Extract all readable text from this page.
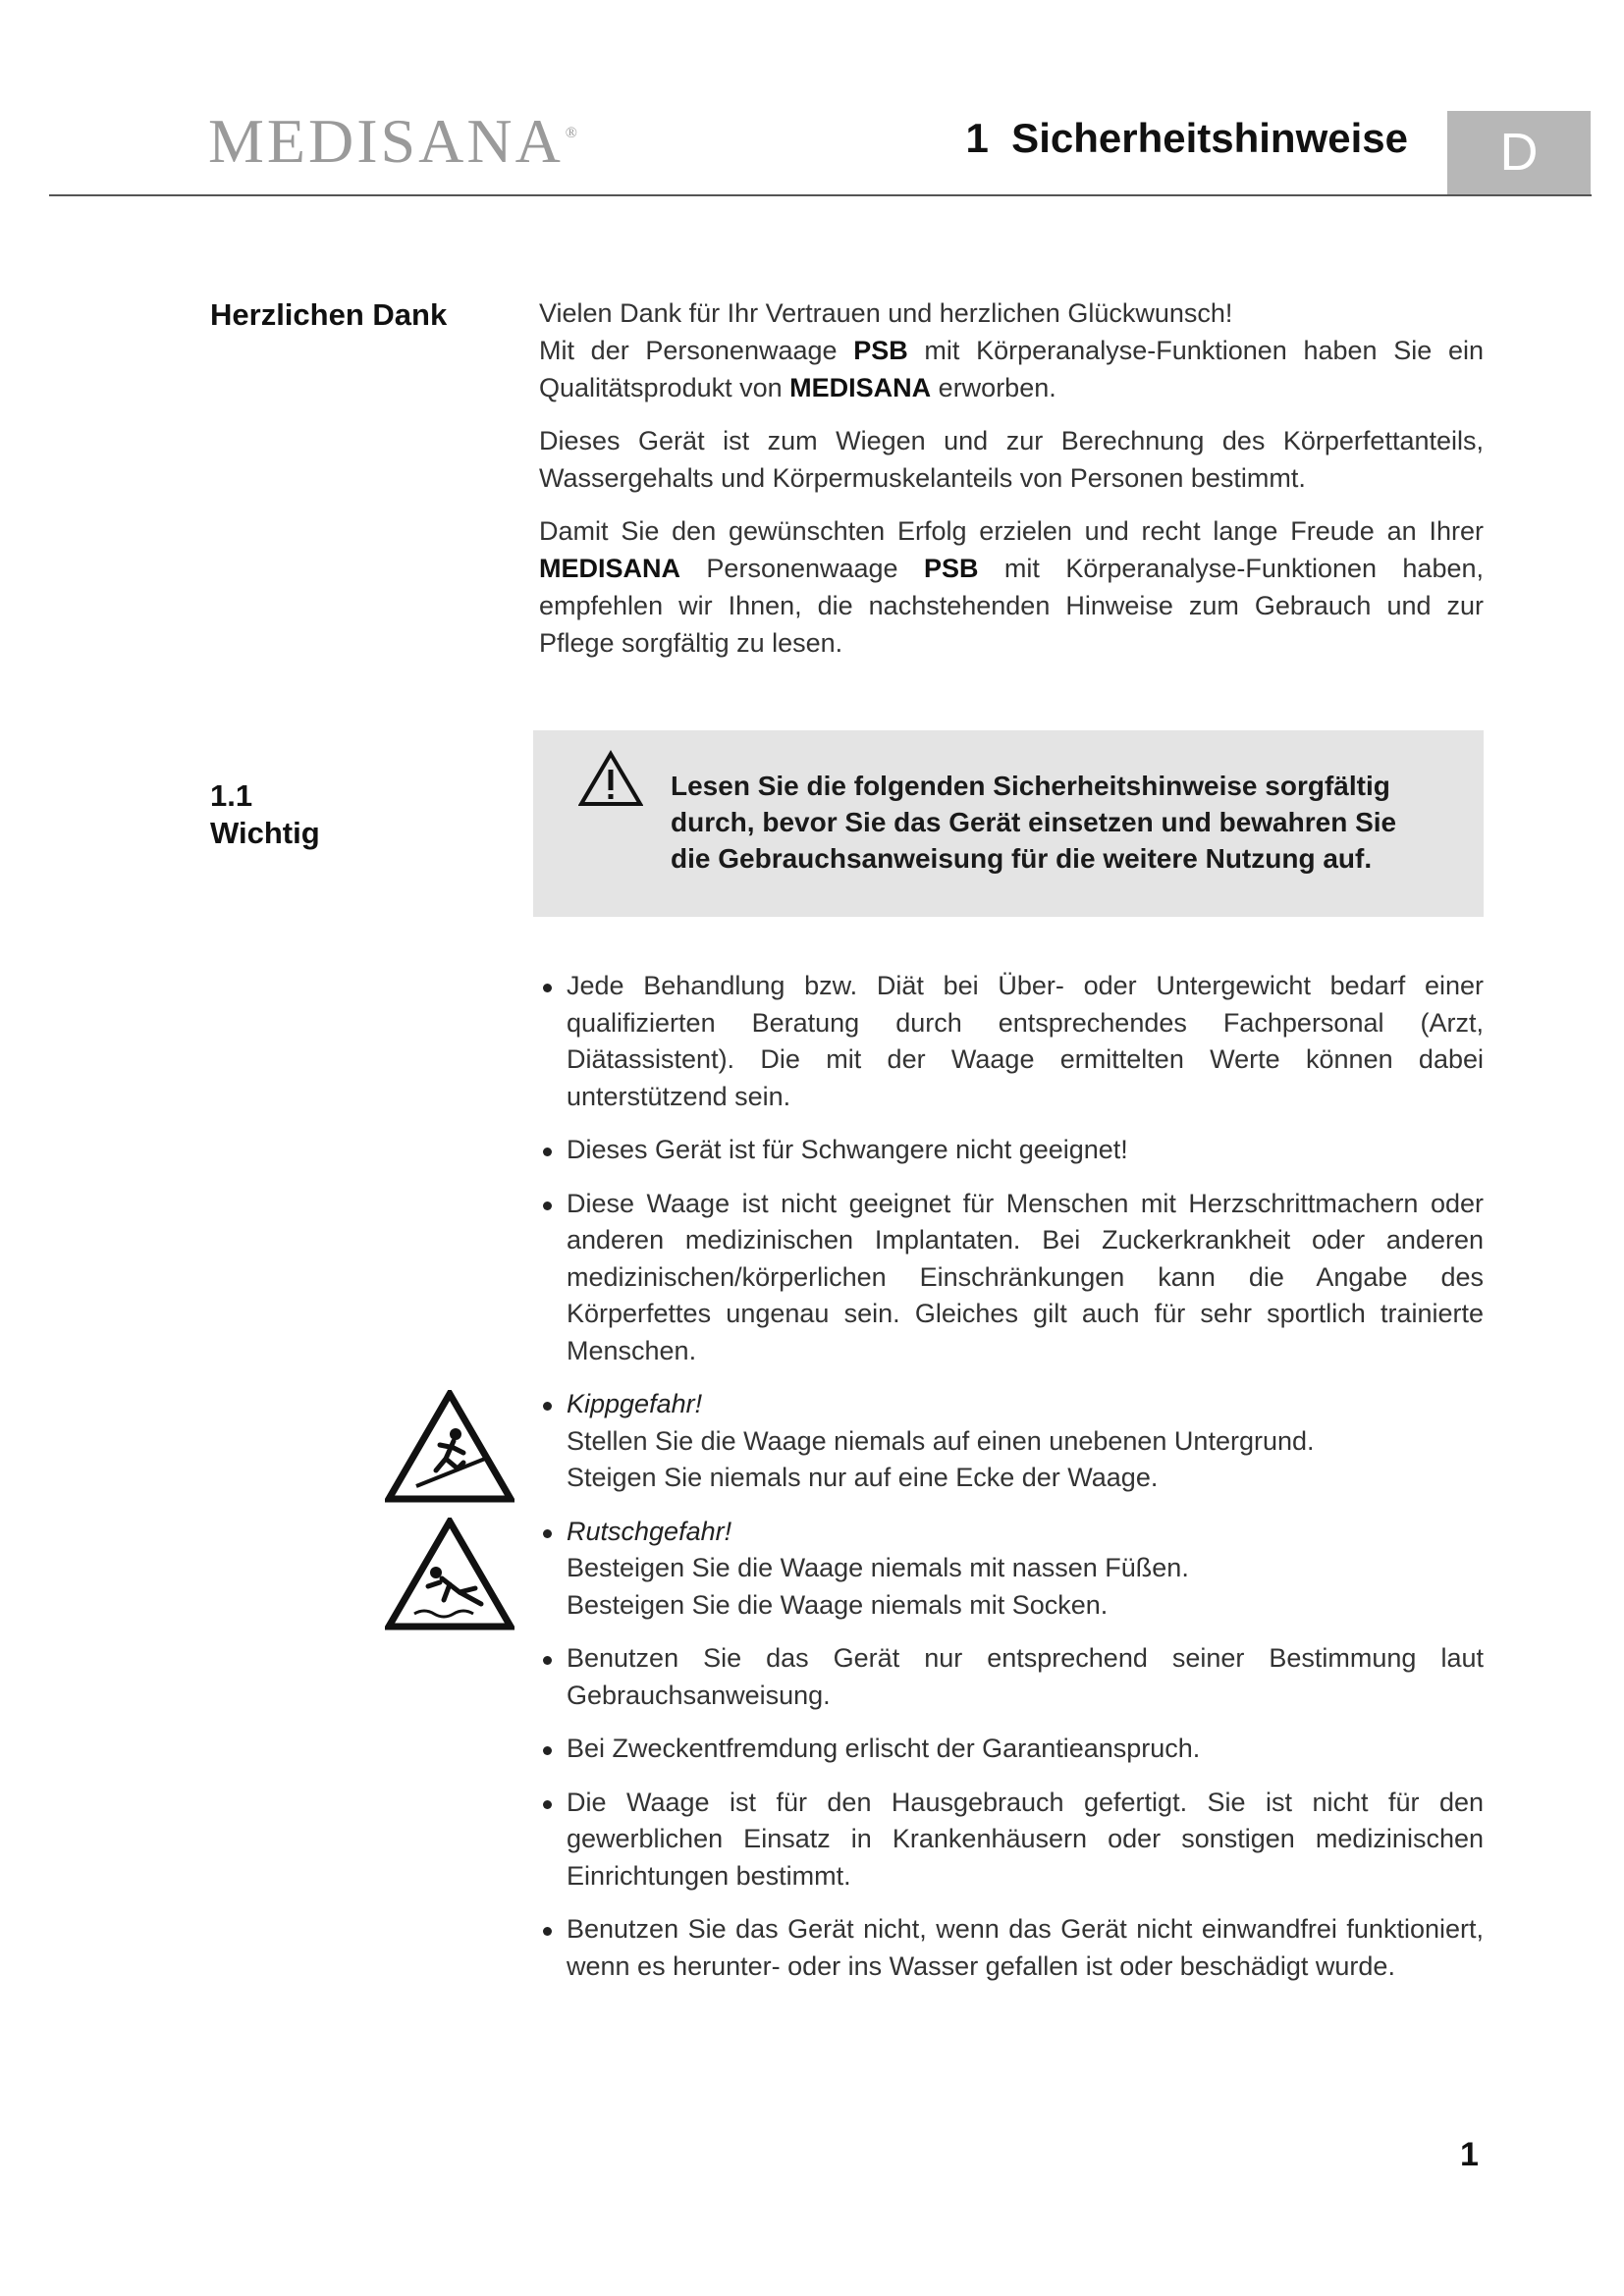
MEDISANA ®	1  Sicherheitshinweise	D
Herzlichen Dank	Vielen Dank für Ihr Vertrauen und herzlichen Glückwunsch!
Mit der Personenwaage PSB mit Körperanalyse-Funktionen haben Sie ein Qualitätsprodukt von MEDISANA erworben.

Dieses Gerät ist zum Wiegen und zur Berechnung des Körperfettanteils, Wassergehalts und Körpermuskelanteils von Personen bestimmt.

Damit Sie den gewünschten Erfolg erzielen und recht lange Freude an Ihrer MEDISANA Personenwaage PSB mit Körperanalyse-Funktionen haben, empfehlen wir Ihnen, die nachstehenden Hinweise zum Gebrauch und zur Pflege sorgfältig zu lesen.

1.1
Wichtig
Lesen Sie die folgenden Sicherheitshinweise sorgfältig durch, bevor Sie das Gerät einsetzen und bewahren Sie die Gebrauchsanweisung für die weitere Nutzung auf.
Jede Behandlung bzw. Diät bei Über- oder Untergewicht bedarf einer qualifizierten Beratung durch entsprechendes Fachpersonal (Arzt, Diätassistent). Die mit der Waage ermittelten Werte können dabei unterstützend sein.
Dieses Gerät ist für Schwangere nicht geeignet!
Diese Waage ist nicht geeignet für Menschen mit Herzschrittmachern oder anderen medizinischen Implantaten. Bei Zuckerkrankheit oder anderen medizinischen/körperlichen Einschränkungen kann die Angabe des Körperfettes ungenau sein. Gleiches gilt auch für sehr sportlich trainierte Menschen.
Kippgefahr!
Stellen Sie die Waage niemals auf einen unebenen Untergrund.
Steigen Sie niemals nur auf eine Ecke der Waage.
Rutschgefahr!
Besteigen Sie die Waage niemals mit nassen Füßen.
Besteigen Sie die Waage niemals mit Socken.
Benutzen Sie das Gerät nur entsprechend seiner Bestimmung laut Gebrauchsanweisung.
Bei Zweckentfremdung erlischt der Garantieanspruch.
Die Waage ist für den Hausgebrauch gefertigt. Sie ist nicht für den gewerblichen Einsatz in Krankenhäusern oder sonstigen medizinischen Einrichtungen bestimmt.
Benutzen Sie das Gerät nicht, wenn das Gerät nicht einwandfrei funktioniert, wenn es herunter- oder ins Wasser gefallen ist oder beschädigt wurde.
1
